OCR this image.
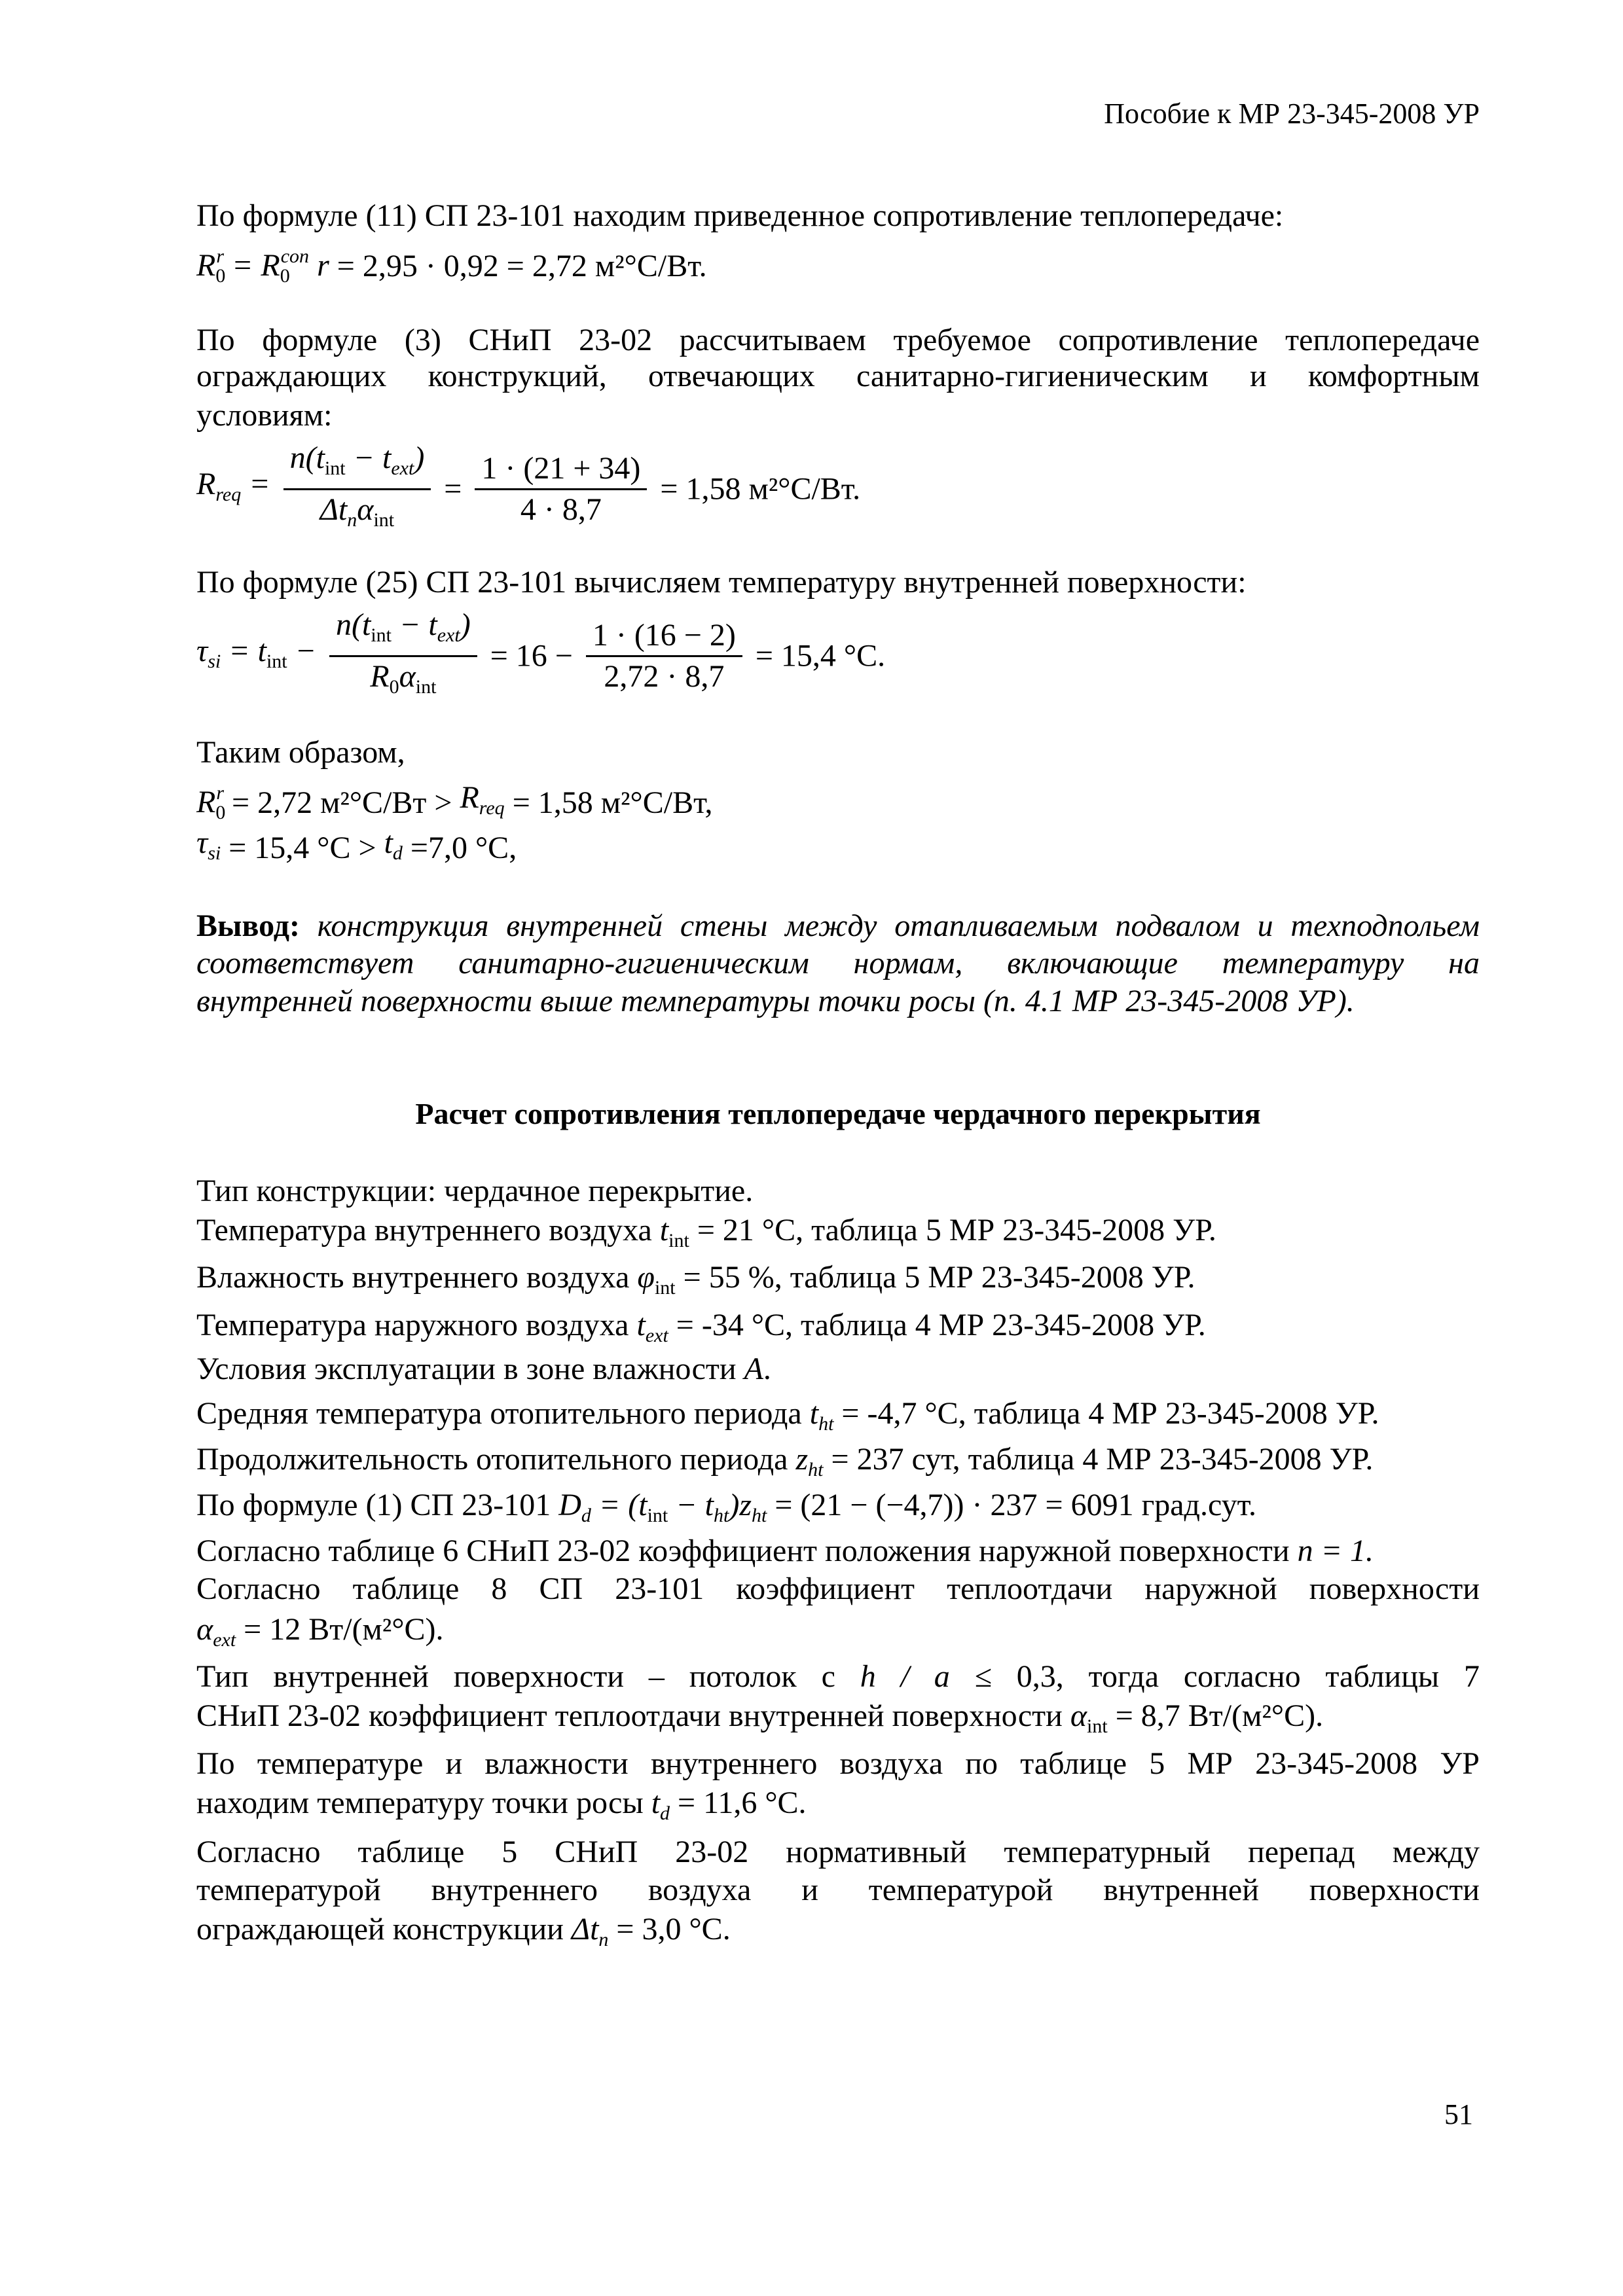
Пособие к МР 23-345-2008 УР
По формуле (11) СП 23-101 находим приведенное сопротивление теплопередаче:
$R_0^r = R_0^{con}$ r = 2,95 · 0,92 = 2,72 м²°С/Вт.
По формуле (3) СНиП 23-02 рассчитываем требуемое сопротивление теплопередаче
ограждающих конструкций, отвечающих санитарно-гигиеническим и комфортным
условиям:
$R_{req} = \frac{n(t_{int} - t_{ext})}{\Delta t_n\alpha_{int}} = \frac{1 \cdot (21 + 34)}{4 \cdot 8,7} = 1,58$ м²°С/Вт.
По формуле (25) СП 23-101 вычисляем температуру внутренней поверхности:
$\tau_{si} = t_{int} - \frac{n(t_{int} - t_{ext})}{R_0\alpha_{int}} = 16 - \frac{1 \cdot (16 - 2)}{2,72 \cdot 8,7} = 15,4$ °С.
Таким образом,
$R_0^r = 2,72$ $м^2^\circ С/Вт > R_{req} = 1,58$ м²°С/Вт,
$\tau_{si} = 15,4$ $^\circ С > t_d =7,0$ °С,
Вывод: конструкция внутренней стены между отапливаемым подвалом и техподпольем
соответствует санитарно-гигиеническим нормам, включающие температуру на
внутренней поверхности выше температуры точки росы (п. 4.1 МР 23-345-2008 УР).
Расчет сопротивления теплопередаче чердачного перекрытия
Тип конструкции: чердачное перекрытие.
Температура внутреннего воздуха $t_{int} = 21$ °С, таблица 5 МР 23-345-2008 УР.
Влажность внутреннего воздуха $\varphi_{int} = 55$ %, таблица 5 МР 23-345-2008 УР.
Температура наружного воздуха $t_{ext} = -34$ °С, таблица 4 МР 23-345-2008 УР.
Условия эксплуатации в зоне влажности А.
Средняя температура отопительного периода $t_{ht} = -4,7$ °С, таблица 4 МР 23-345-2008 УР.
Продолжительность отопительного периода $z_{ht} = 237$ сут, таблица 4 МР 23-345-2008 УР.
По формуле (1) СП 23-101 $D_d = (t_{int} - t_{ht})z_{ht} = (21 - (-4,7)) \cdot 237 = 6091$ град.сут.
Согласно таблице 6 СНиП 23-02 коэффициент положения наружной поверхности n = 1.
Согласно таблице 8 СП 23-101 коэффициент теплоотдачи наружной поверхности
$\alpha_{ext} = 12$ Вт/(м²°С).
Тип внутренней поверхности – потолок с h / a ≤ 0,3, тогда согласно таблицы 7
СНиП 23-02 коэффициент теплоотдачи внутренней поверхности $\alpha_{int} = 8,7$ Вт/(м²°С).
По температуре и влажности внутреннего воздуха по таблице 5 МР 23-345-2008 УР
находим температуру точки росы $t_d = 11,6$ °С.
Согласно таблице 5 СНиП 23-02 нормативный температурный перепад между
температурой внутреннего воздуха и температурой внутренней поверхности
ограждающей конструкции $\Delta t_n = 3,0$ °С.
51
